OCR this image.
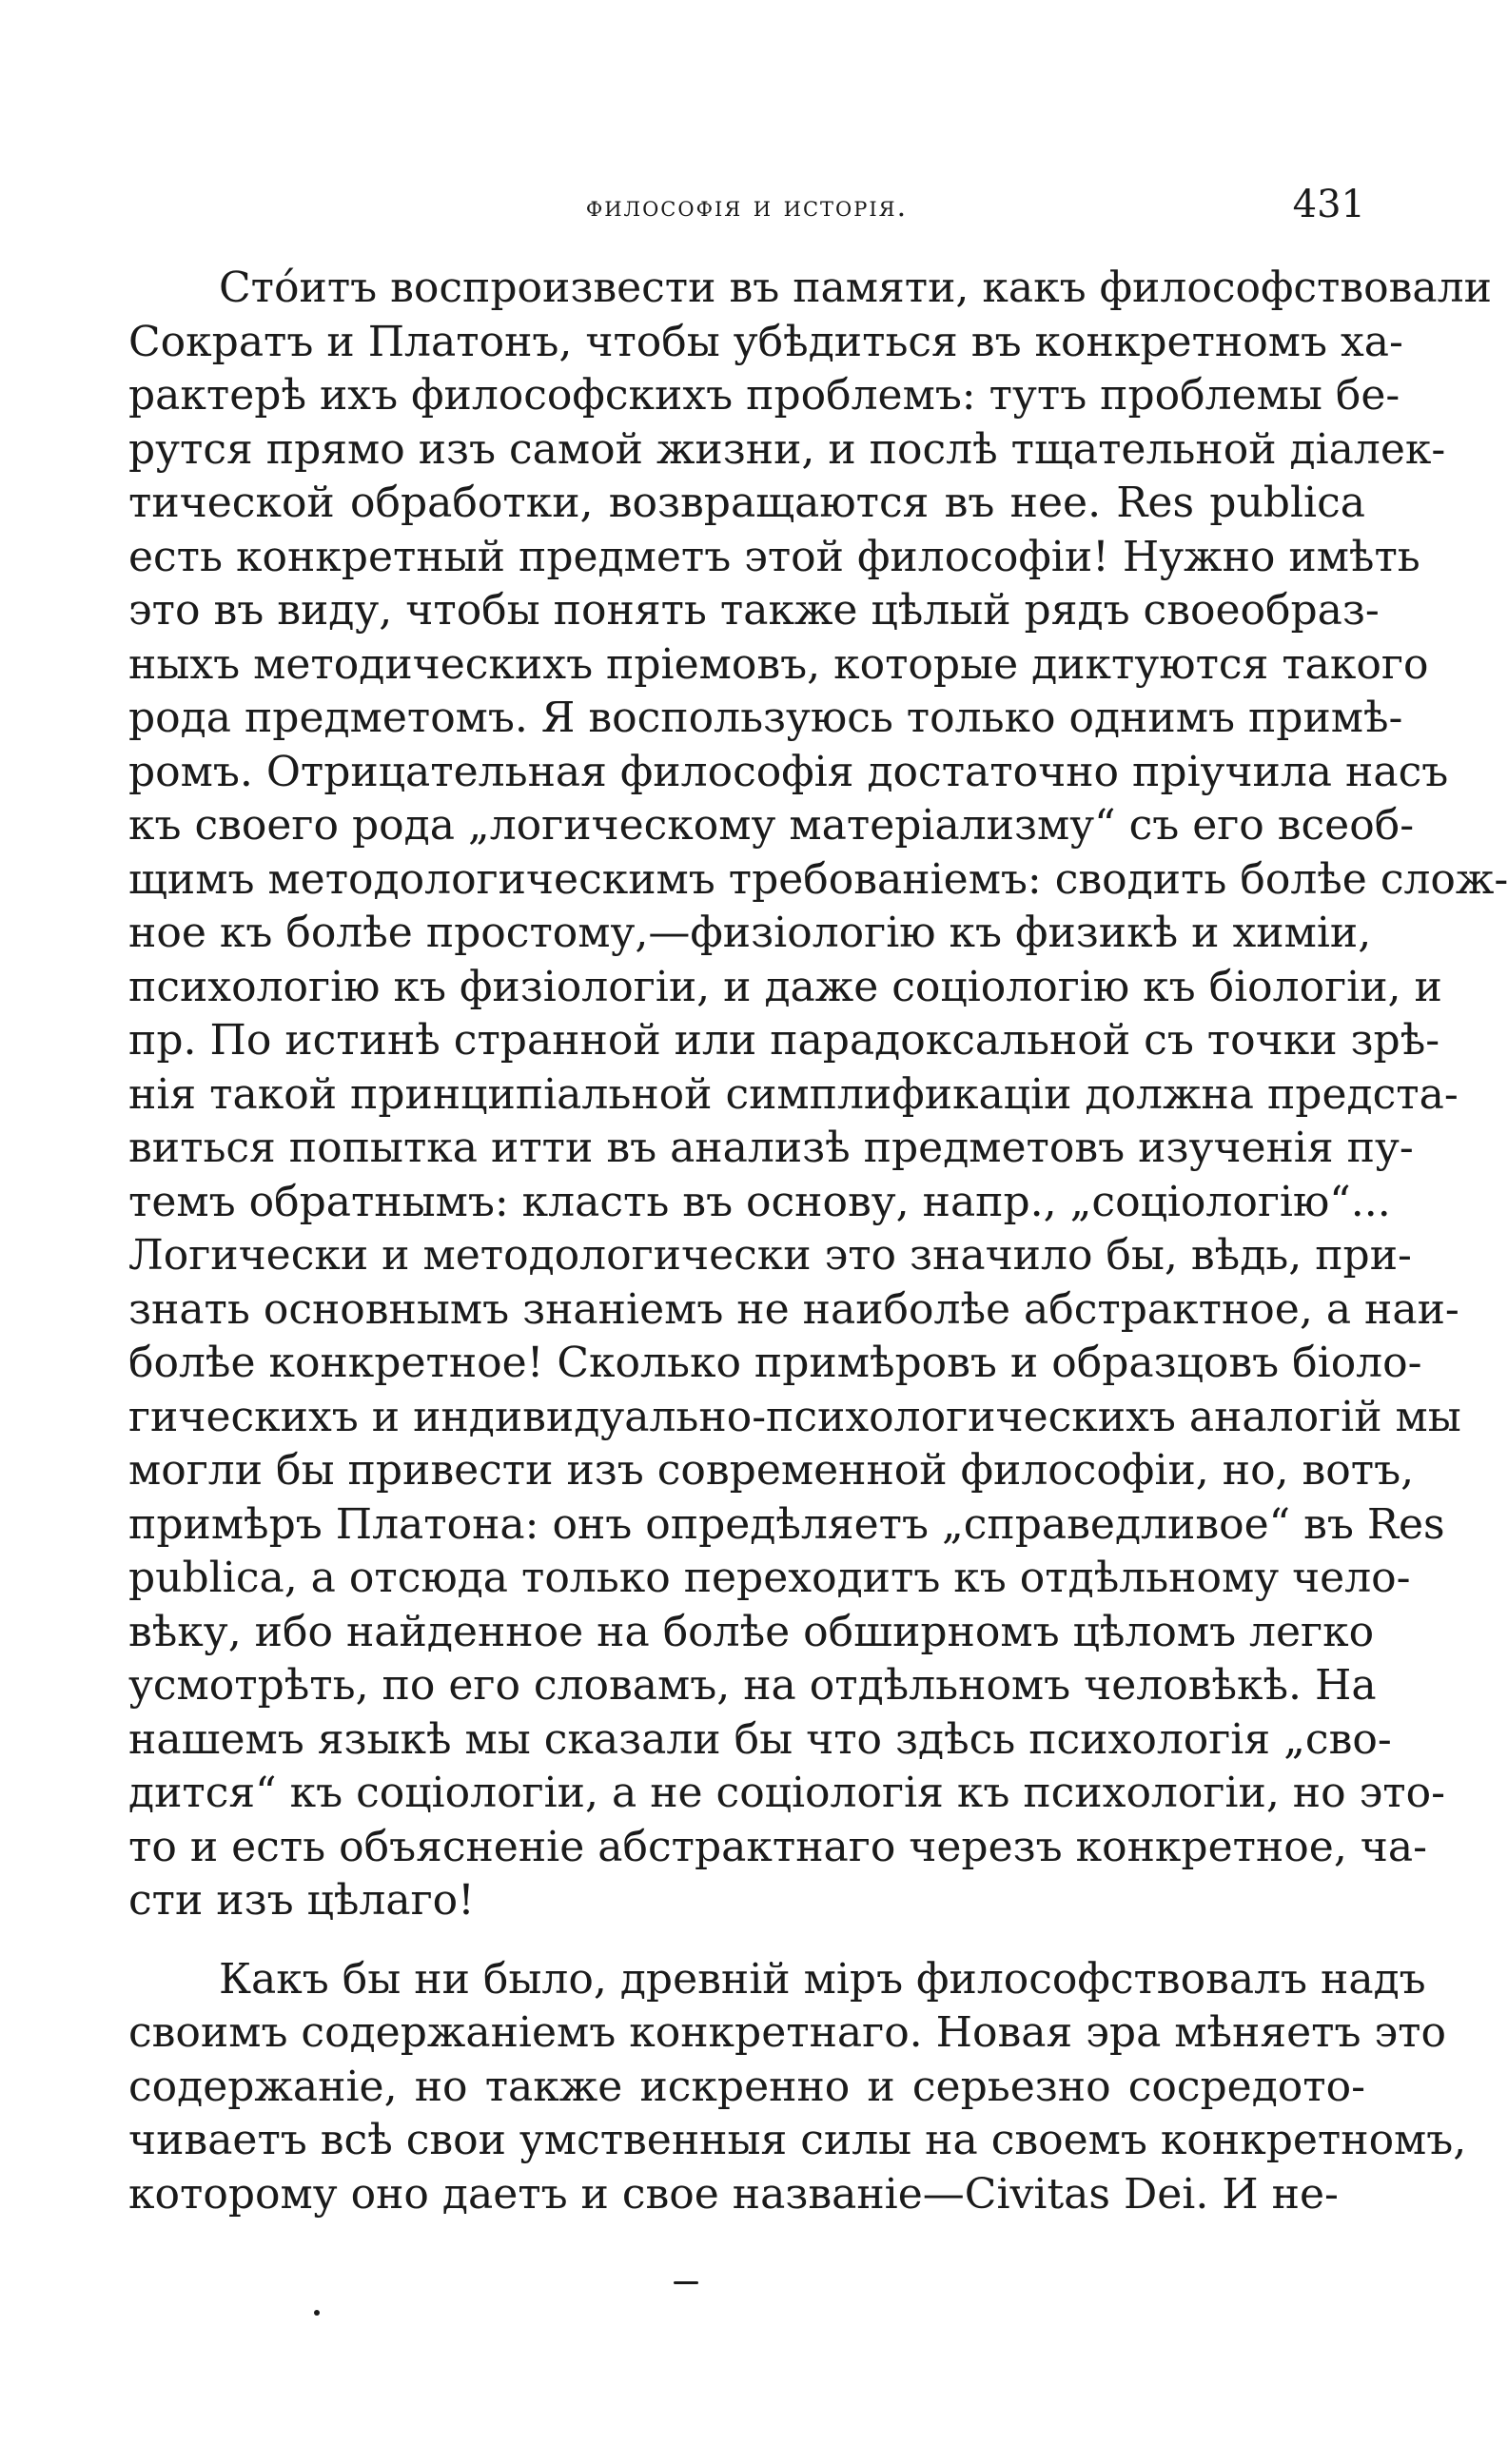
философія и исторія.	431
Стóитъ воспроизвести въ памяти, какъ философствовали
Сократъ и Платонъ, чтобы убѣдиться въ конкретномъ ха-
рактерѣ ихъ философскихъ проблемъ: тутъ проблемы бе-
рутся прямо изъ самой жизни, и послѣ тщательной діалек-
тической обработки, возвращаются въ нее. Res publica
есть конкретный предметъ этой философіи! Нужно имѣть
это въ виду, чтобы понять также цѣлый рядъ своеобраз-
ныхъ методическихъ пріемовъ, которые диктуются такого
рода предметомъ. Я воспользуюсь только однимъ примѣ-
ромъ. Отрицательная философія достаточно пріучила насъ
къ своего рода „логическому матеріализму“ съ его всеоб-
щимъ методологическимъ требованіемъ: сводить болѣе слож-
ное къ болѣе простому,—физіологію къ физикѣ и химіи,
психологію къ физіологіи, и даже соціологію къ біологіи, и
пр. По истинѣ странной или парадоксальной съ точки зрѣ-
нія такой принципіальной симплификаціи должна предста-
виться попытка итти въ анализѣ предметовъ изученія пу-
темъ обратнымъ: класть въ основу, напр., „соціологію“...
Логически и методологически это значило бы, вѣдь, при-
знать основнымъ знаніемъ не наиболѣе абстрактное, а наи-
болѣе конкретное! Сколько примѣровъ и образцовъ біоло-
гическихъ и индивидуально-психологическихъ аналогій мы
могли бы привести изъ современной философіи, но, вотъ,
примѣръ Платона: онъ опредѣляетъ „справедливое“ въ Res
publica, а отсюда только переходитъ къ отдѣльному чело-
вѣку, ибо найденное на болѣе обширномъ цѣломъ легко
усмотрѣть, по его словамъ, на отдѣльномъ человѣкѣ. На
нашемъ языкѣ мы сказали бы что здѣсь психологія „сво-
дится“ къ соціологіи, а не соціологія къ психологіи, но это-
то и есть объясненіе абстрактнаго черезъ конкретное, ча-
сти изъ цѣлаго!
Какъ бы ни было, древній міръ философствовалъ надъ
своимъ содержаніемъ конкретнаго. Новая эра мѣняетъ это
содержаніе, но также искренно и серьезно сосредото-
чиваетъ всѣ свои умственныя силы на своемъ конкретномъ,
которому оно даетъ и свое названіе—Civitas Dei. И не-
